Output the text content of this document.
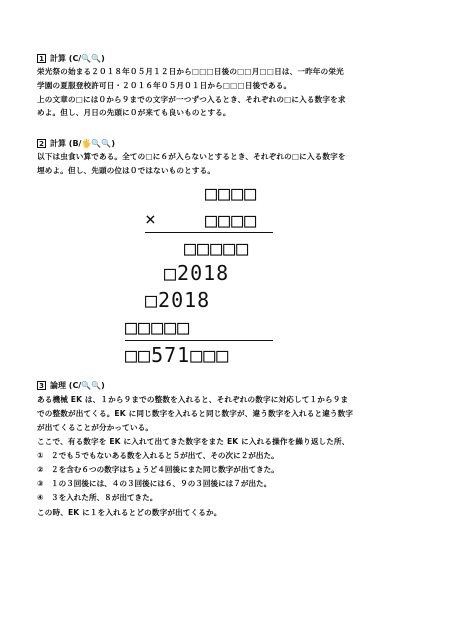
1 計算 (C/🔍🔍)
栄光祭の始まる２０１８年０５月１２日から□□□日後の□□月□□日は、一昨年の栄光
学園の夏服登校許可日・２０１６年０５月０１日から□□□日後である。
上の文章の□には０から９までの文字が一つずつ入るとき、それぞれの□に入る数字を求
めよ。但し、月日の先頭に０が来ても良いものとする。
2 計算 (B/🖐🔍🔍)
以下は虫食い算である。全ての□に６が入らないとするとき、それぞれの□に入る数字を
埋めよ。但し、先頭の位は０ではないものとする。
□□□□
× □□□□
□□□□□
□2018
□2018
□□□□□
□□571□□□
3 論理 (C/🔍🔍)
ある機械 EK は、１から９までの整数を入れると、それぞれの数字に対応して１から９ま
での整数が出てくる。EK に同じ数字を入れると同じ数字が、違う数字を入れると違う数字
が出てくることが分かっている。
ここで、有る数字を EK に入れて出てきた数字をまた EK に入れる操作を繰り返した所、
①　２でも５でもないある数を入れると５が出て、その次に２が出た。
②　２を含む６つの数字はちょうど４回後にまた同じ数字が出てきた。
③　１の３回後には、４の３回後には６、９の３回後には７が出た。
④　３を入れた所、８が出てきた。
この時、EK に１を入れるとどの数字が出てくるか。
